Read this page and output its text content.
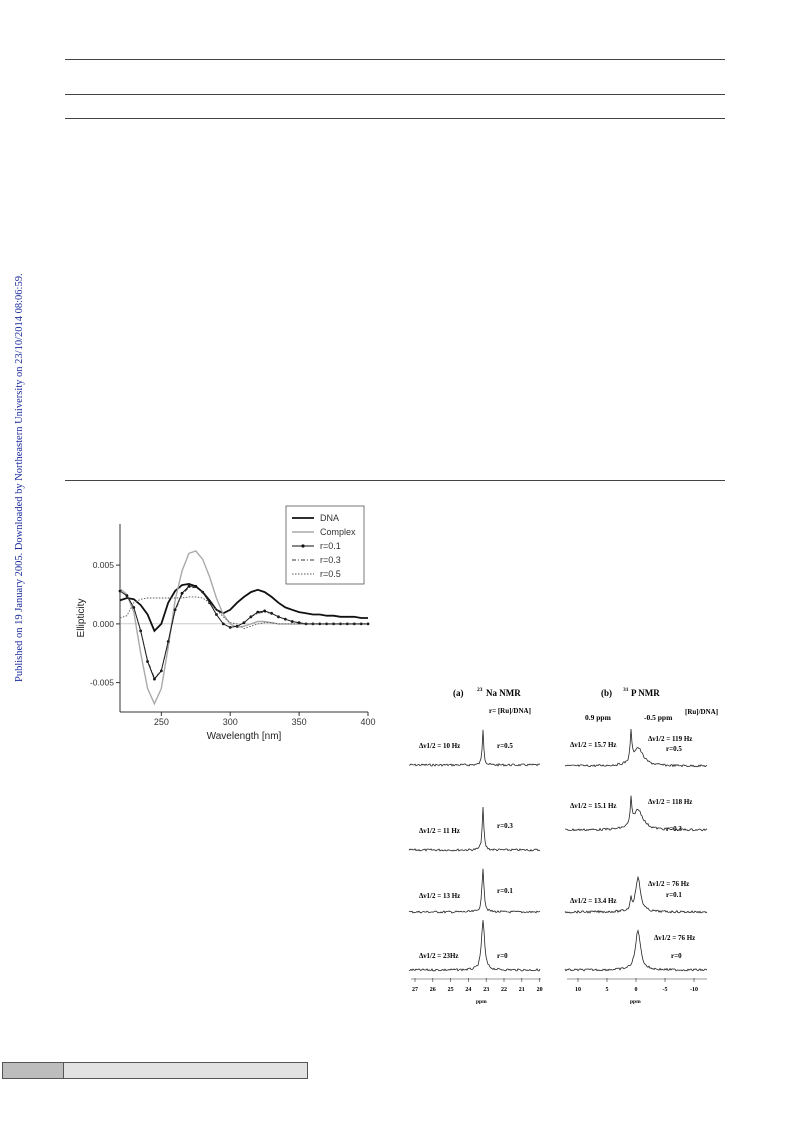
Published on 19 January 2005. Downloaded by Northeastern University on 23/10/2014 08:06:59.
250	300	350	400
-0.005
0.000
0.005
Wavelength [nm]
Ellipticity
DNA
Complex
r=0.1
r=0.3
r=0.5
(a) 23 Na NMR
r= [Ru]/DNA]
(b) 31 P NMR
[Ru]/DNA]
0.9 ppm	-0.5 ppm
Δν1/2 = 10 Hz	r=0.5
Δν1/2 = 11 Hz
r=0.3
Δν1/2 = 13 Hz
r=0.1
Δν1/2 = 23Hz	r=0
Δν1/2 = 15.7 Hz
Δν1/2 = 119 Hz
r=0.5
Δν1/2 = 15.1 Hz	Δν1/2 = 118 Hz
r=0.3
Δν1/2 = 13.4 Hz
Δν1/2 = 76 Hz
r=0.1
Δν1/2 = 76 Hz
r=0
ppm	ppm
27 26 25 24 23 22 21 20	10	5	0	-5	-10
